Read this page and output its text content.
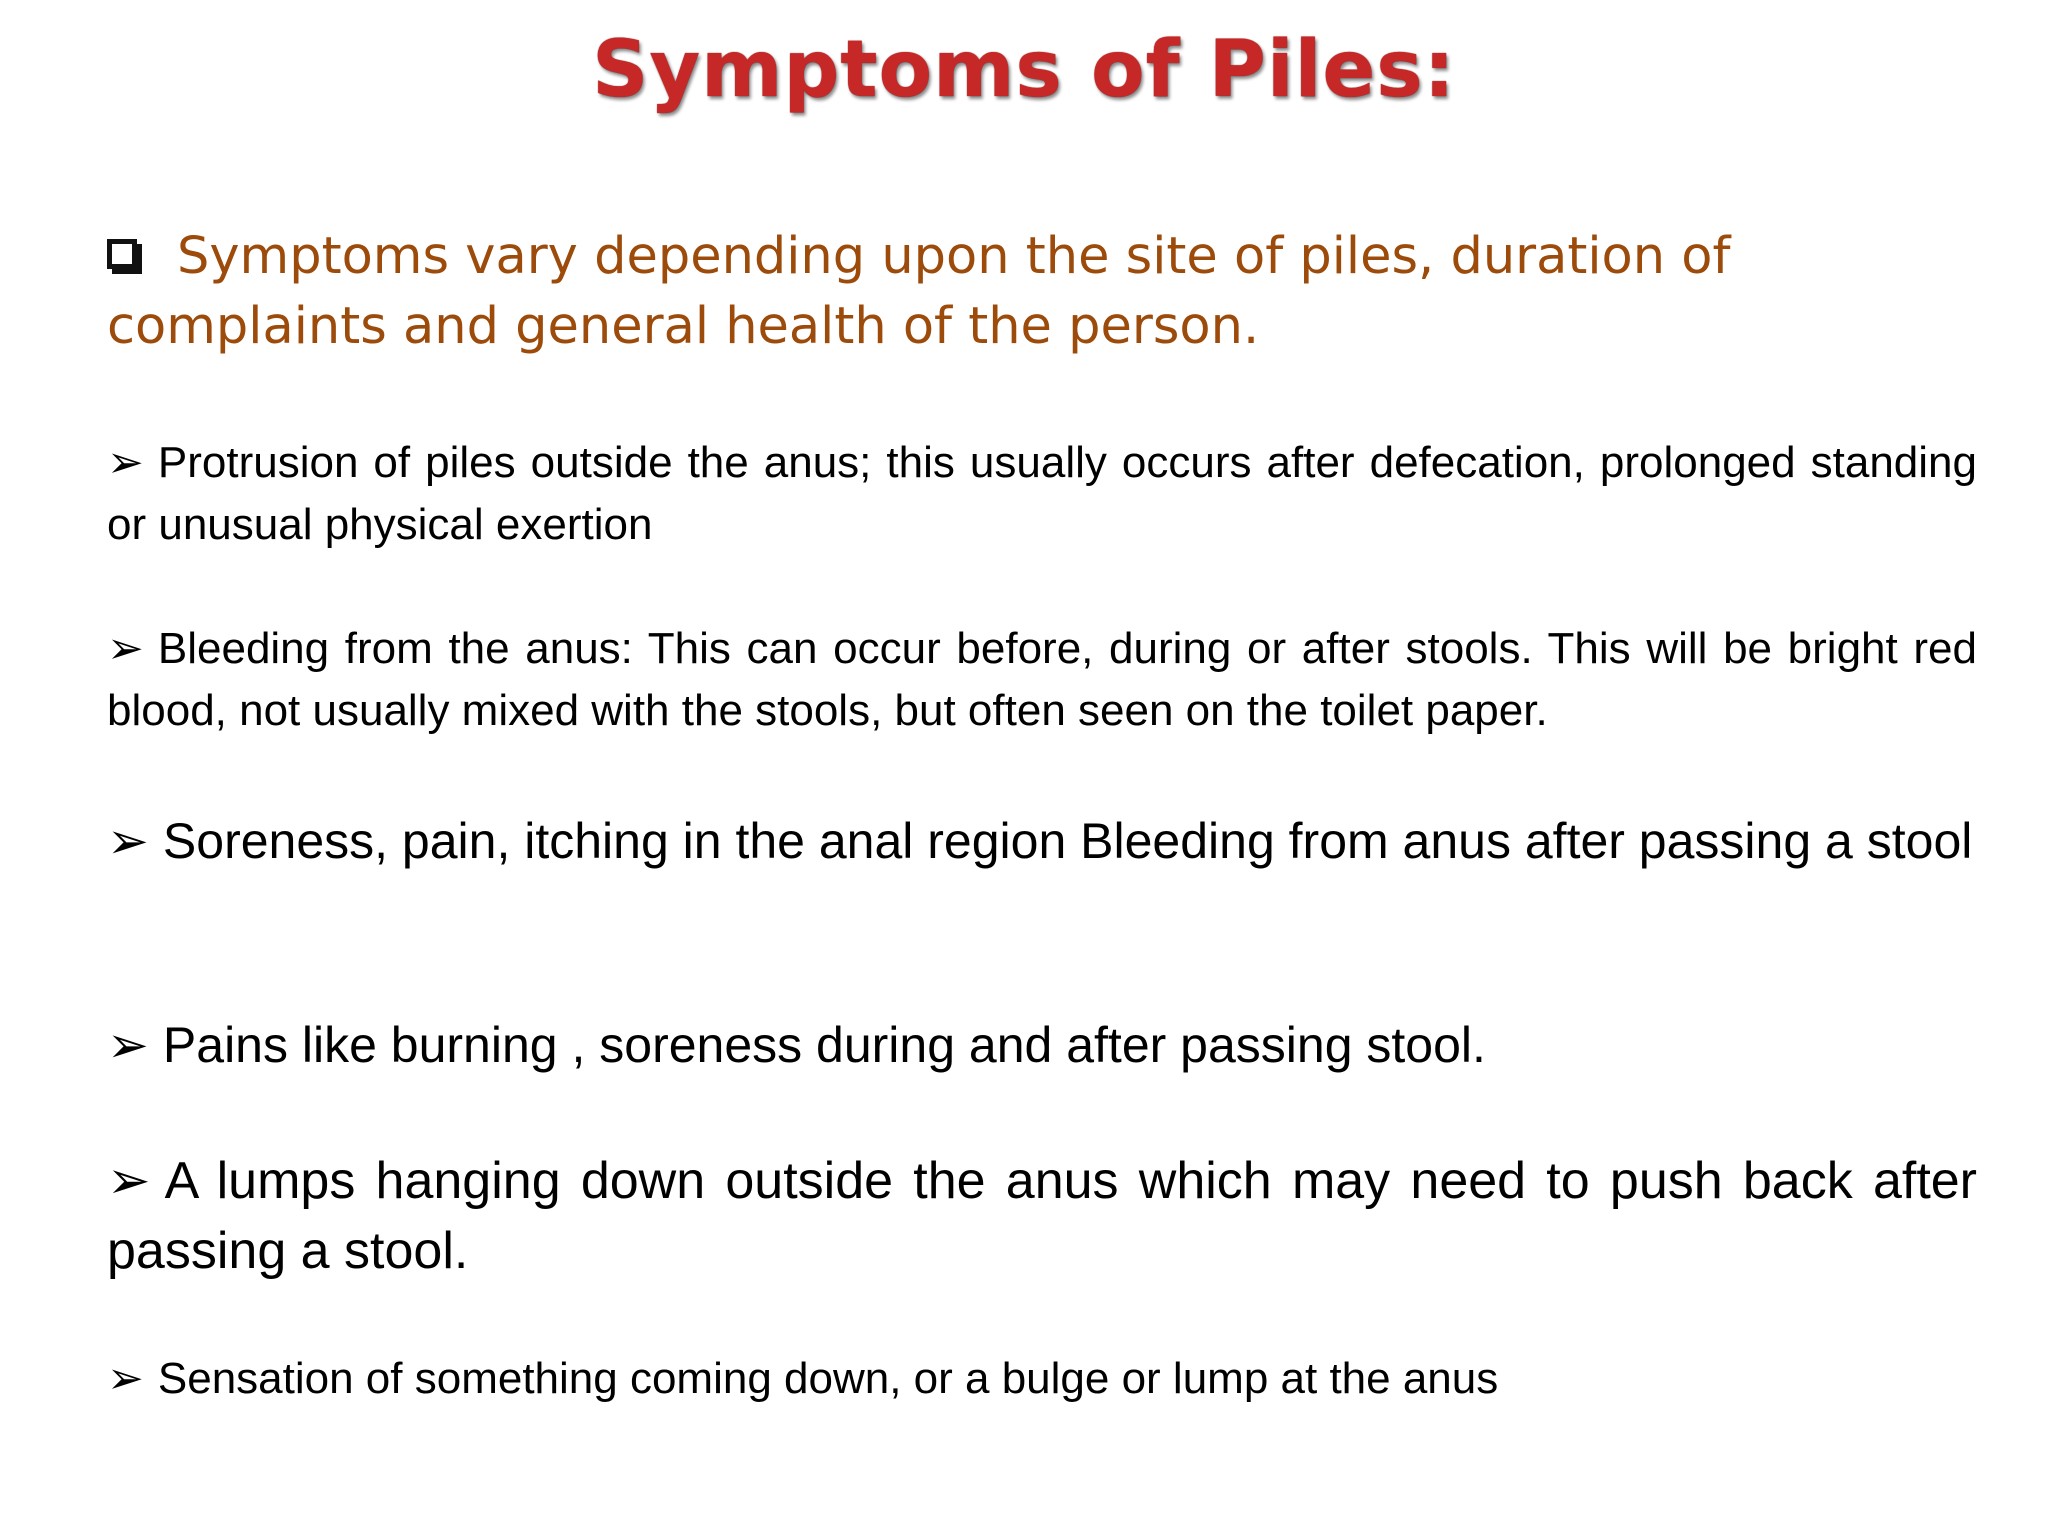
Symptoms of Piles:
Symptoms vary depending upon the site of piles, duration of complaints and general health of the person.
➢ Protrusion of piles outside the anus; this usually occurs after defecation, prolonged standing or unusual physical exertion
➢ Bleeding from the anus: This can occur before, during or after stools. This will be bright red blood, not usually mixed with the stools, but often seen on the toilet paper.
➢ Soreness, pain, itching in the anal region Bleeding from anus after passing a stool
➢ Pains like burning , soreness during and after passing stool.
➢ A lumps hanging down outside the anus which may need to push back after passing a stool.
➢ Sensation of something coming down, or a bulge or lump at the anus
